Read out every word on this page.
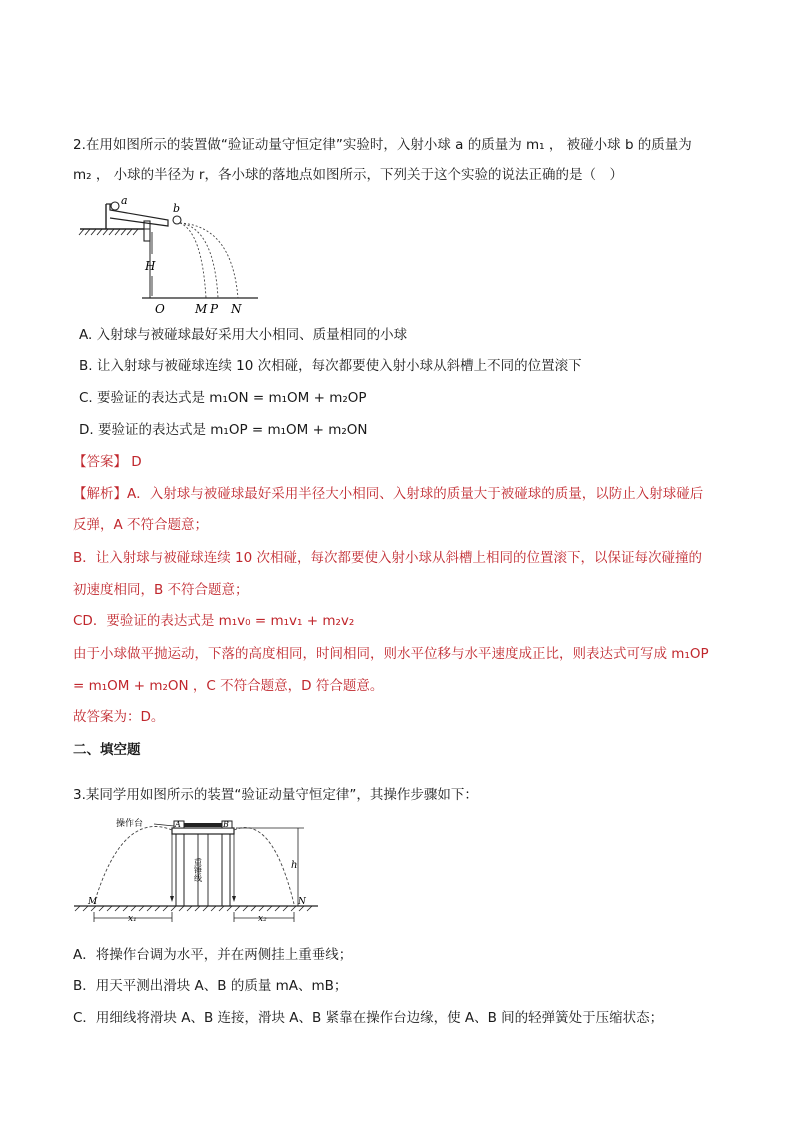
2.在用如图所示的装置做“验证动量守恒定律”实验时，入射小球 a 的质量为 m₁ ， 被碰小球 b 的质量为
m₂ ， 小球的半径为 r，各小球的落地点如图所示，下列关于这个实验的说法正确的是（　）
a
b
H
O	M P N
A. 入射球与被碰球最好采用大小相同、质量相同的小球
B. 让入射球与被碰球连续 10 次相碰，每次都要使入射小球从斜槽上不同的位置滚下
C. 要验证的表达式是 m₁ON = m₁OM + m₂OP
D. 要验证的表达式是 m₁OP = m₁OM + m₂ON
【答案】 D
【解析】A．入射球与被碰球最好采用半径大小相同、入射球的质量大于被碰球的质量，以防止入射球碰后
反弹，A 不符合题意；
B．让入射球与被碰球连续 10 次相碰，每次都要使入射小球从斜槽上相同的位置滚下，以保证每次碰撞的
初速度相同，B 不符合题意；
CD．要验证的表达式是 m₁v₀ = m₁v₁ + m₂v₂
由于小球做平抛运动，下落的高度相同，时间相同，则水平位移与水平速度成正比，则表达式可写成 m₁OP
= m₁OM + m₂ON ，C 不符合题意，D 符合题意。
故答案为：D。
二、填空题
3.某同学用如图所示的装置“验证动量守恒定律”，其操作步骤如下：
A	B
操作台
重锤线
M	N
h
x₁	x₂
A．将操作台调为水平，并在两侧挂上重垂线；
B．用天平测出滑块 A、B 的质量 mA、mB；
C．用细线将滑块 A、B 连接，滑块 A、B 紧靠在操作台边缘，使 A、B 间的轻弹簧处于压缩状态；
